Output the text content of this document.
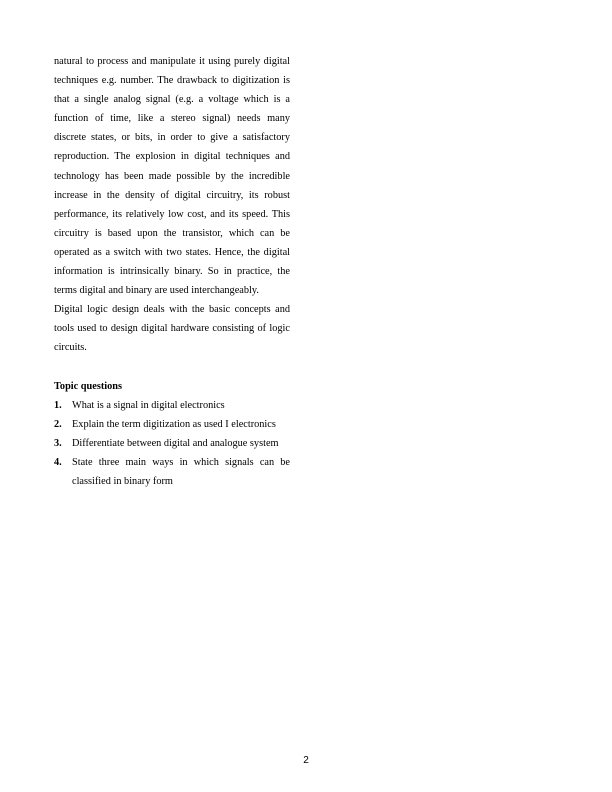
natural to process and manipulate it using purely digital techniques e.g. number. The drawback to digitization is that a single analog signal (e.g. a voltage which is a function of time, like a stereo signal) needs many discrete states, or bits, in order to give a satisfactory reproduction. The explosion in digital techniques and technology has been made possible by the incredible increase in the density of digital circuitry, its robust performance, its relatively low cost, and its speed. This circuitry is based upon the transistor, which can be operated as a switch with two states. Hence, the digital information is intrinsically binary. So in practice, the terms digital and binary are used interchangeably.

Digital logic design deals with the basic concepts and tools used to design digital hardware consisting of logic circuits.

Topic questions

1. What is a signal in digital electronics
2. Explain the term digitization as used I electronics
3. Differentiate between digital and analogue system
4. State three main ways in which signals can be classified in binary form
2
